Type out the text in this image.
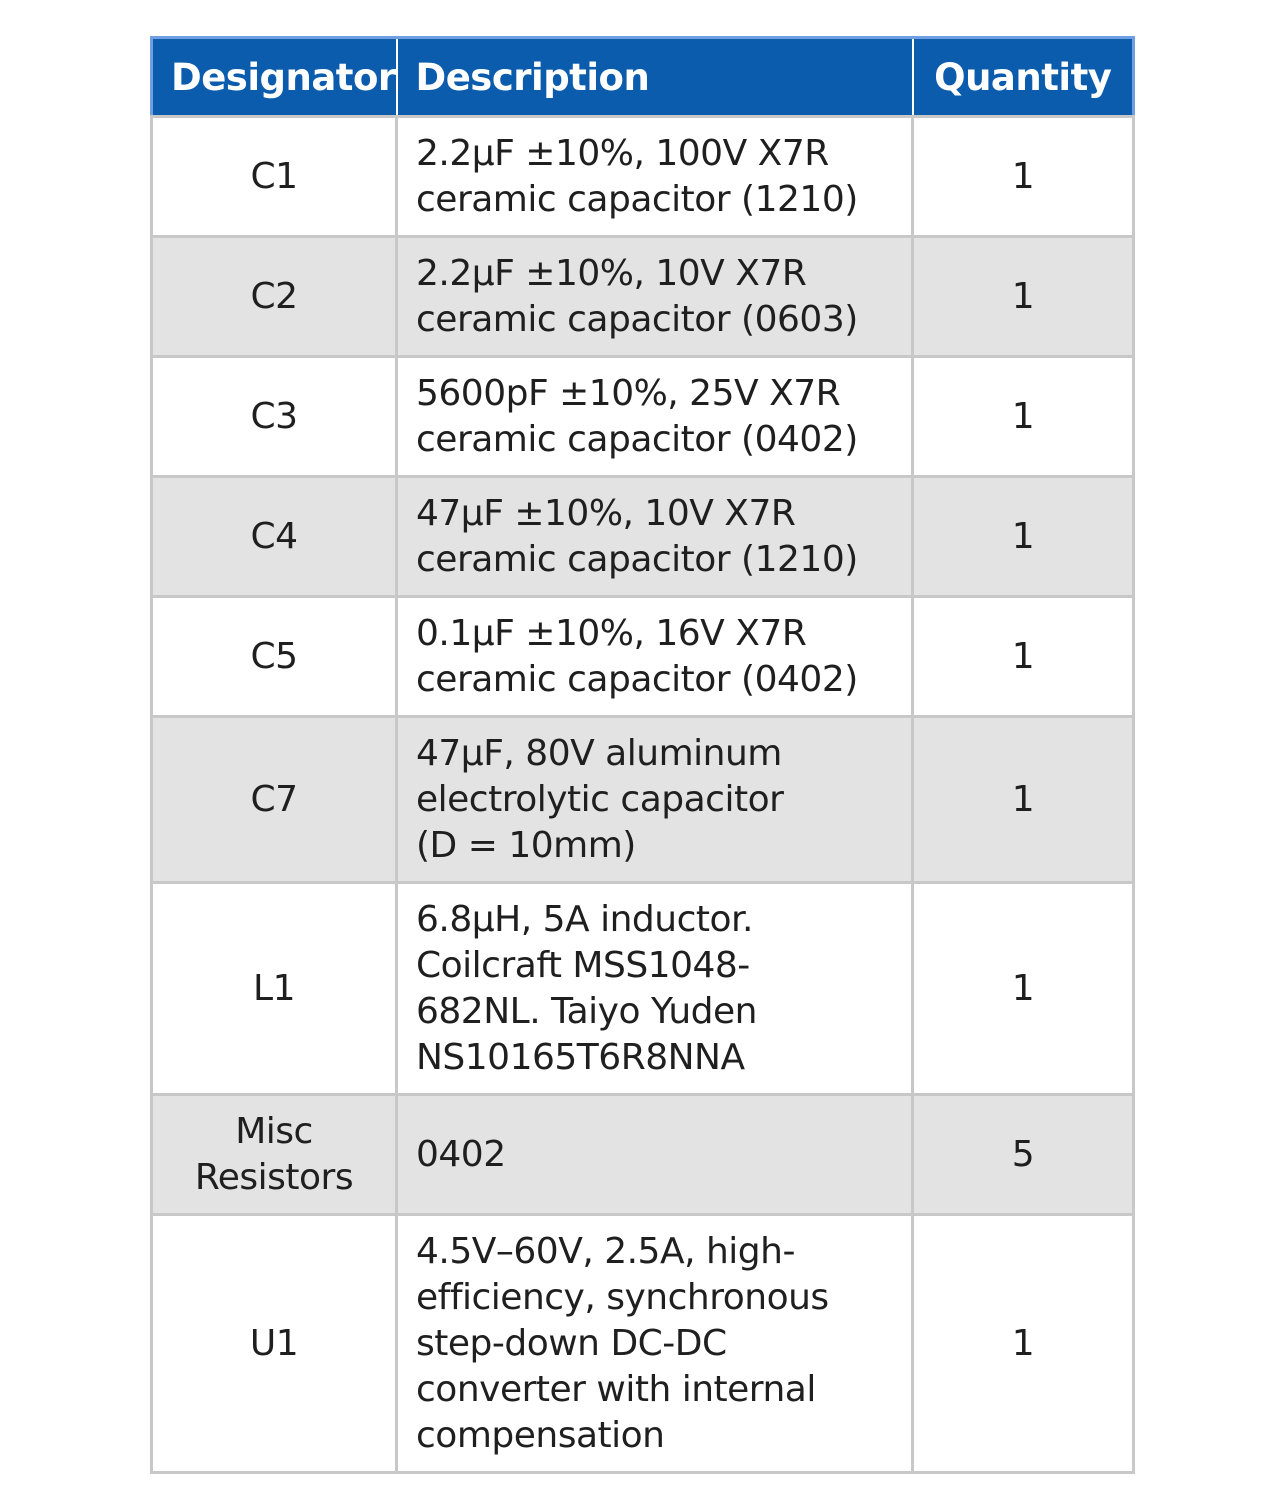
Designator	Description	Quantity
C1	2.2µF ±10%, 100V X7R
ceramic capacitor (1210)	1
C2	2.2µF ±10%, 10V X7R
ceramic capacitor (0603)	1
C3	5600pF ±10%, 25V X7R
ceramic capacitor (0402)	1
C4	47µF ±10%, 10V X7R
ceramic capacitor (1210)	1
C5	0.1µF ±10%, 16V X7R
ceramic capacitor (0402)	1
C7	47µF, 80V aluminum
electrolytic capacitor
(D = 10mm)	1
L1	6.8µH, 5A inductor.
Coilcraft MSS1048-
682NL. Taiyo Yuden
NS10165T6R8NNA	1
Misc Resistors	0402	5
U1	4.5V–60V, 2.5A, high-
efficiency, synchronous
step-down DC-DC
converter with internal
compensation	1
